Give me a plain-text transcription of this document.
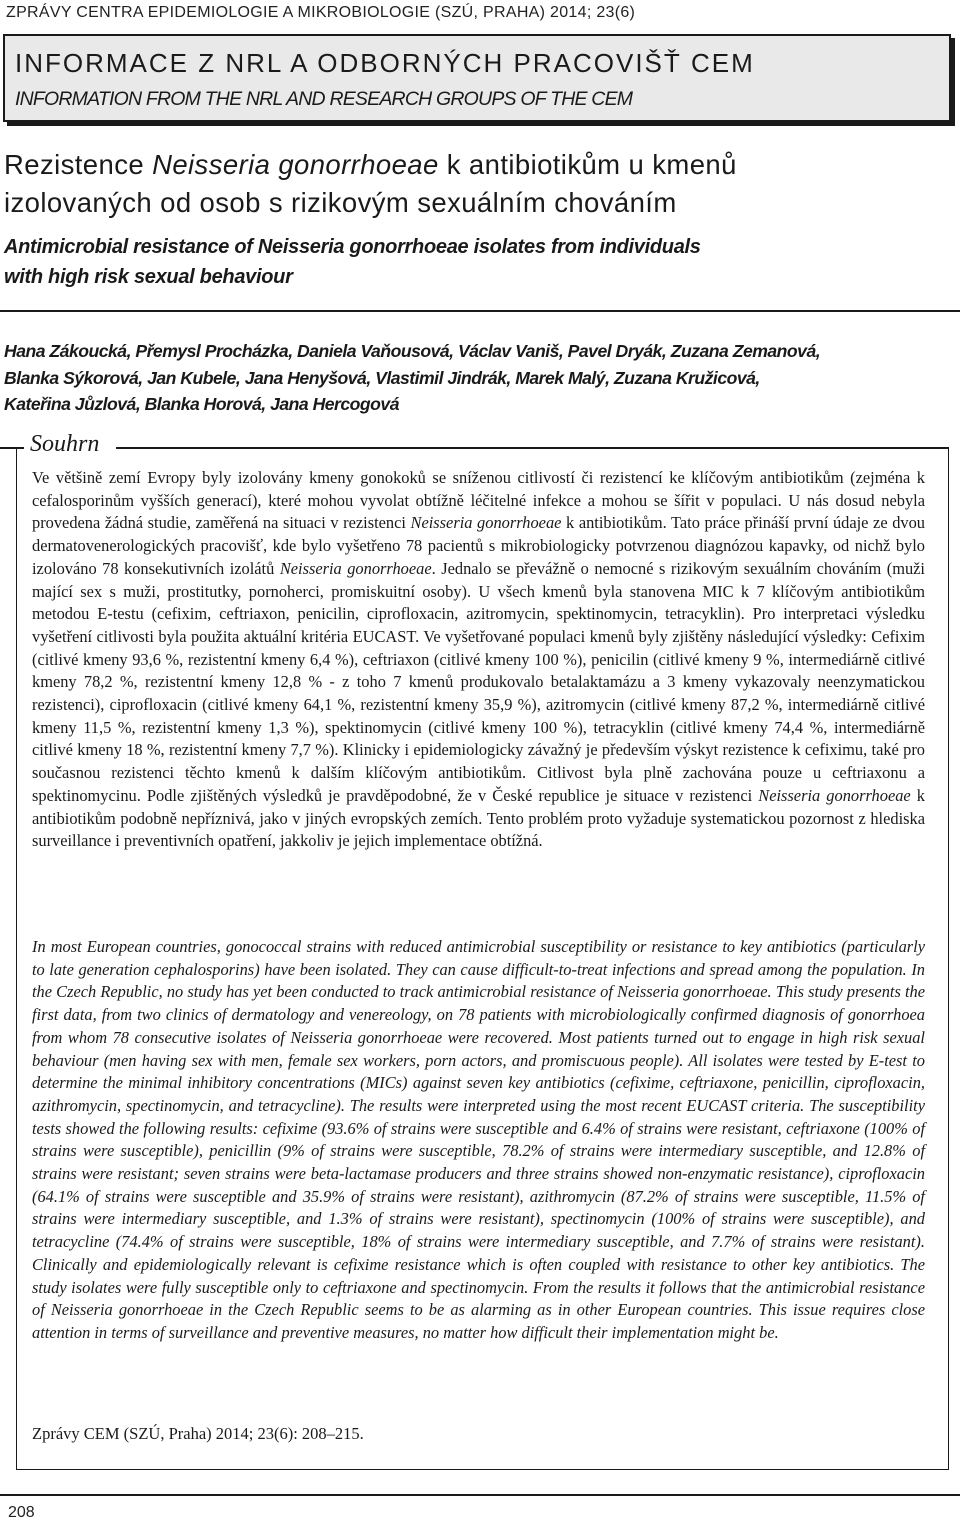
ZPRÁVY CENTRA EPIDEMIOLOGIE A MIKROBIOLOGIE (SZÚ, PRAHA) 2014; 23(6)
INFORMACE Z NRL A ODBORNÝCH PRACOVIŠŤ CEM
INFORMATION FROM THE NRL AND RESEARCH GROUPS OF THE CEM
Rezistence Neisseria gonorrhoeae k antibiotikům u kmenů
izolovaných od osob s rizikovým sexuálním chováním
Antimicrobial resistance of Neisseria gonorrhoeae isolates from individuals
with high risk sexual behaviour
Hana Zákoucká, Přemysl Procházka, Daniela Vaňousová, Václav Vaniš, Pavel Dryák, Zuzana Zemanová,
Blanka Sýkorová, Jan Kubele, Jana Henyšová, Vlastimil Jindrák, Marek Malý, Zuzana Kružicová,
Kateřina Jůzlová, Blanka Horová, Jana Hercogová
Souhrn

Ve většině zemí Evropy byly izolovány kmeny gonokoků se sníženou citlivostí či rezistencí ke klíčovým antibiotikům (zejména k cefalosporinům vyšších generací), které mohou vyvolat obtížně léčitelné infekce a mohou se šířit v populaci. U nás dosud nebyla provedena žádná studie, zaměřená na situaci v rezistenci Neisseria gonorrhoeae k antibiotikům. Tato práce přináší první údaje ze dvou dermatovenerologických pracovišť, kde bylo vyšetřeno 78 pacientů s mikrobiologicky potvrzenou diagnózou kapavky, od nichž bylo izolováno 78 konsekutivních izolátů Neisseria gonorrhoeae. Jednalo se převážně o nemocné s rizikovým sexuálním chováním (muži mající sex s muži, prostitutky, pornoherci, promiskuitní osoby). U všech kmenů byla stanovena MIC k 7 klíčovým antibiotikům metodou E-testu (cefixim, ceftriaxon, penicilin, ciprofloxacin, azitromycin, spektinomycin, tetracyklin). Pro interpretaci výsledku vyšetření citlivosti byla použita aktuální kritéria EUCAST. Ve vyšetřované populaci kmenů byly zjištěny následující výsledky: Cefixim (citlivé kmeny 93,6 %, rezistentní kmeny 6,4 %), ceftriaxon (citlivé kmeny 100 %), penicilin (citlivé kmeny 9 %, intermediárně citlivé kmeny 78,2 %, rezistentní kmeny 12,8 % - z toho 7 kmenů produkovalo betalaktamázu a 3 kmeny vykazovaly neenzymatickou rezistenci), ciprofloxacin (citlivé kmeny 64,1 %, rezistentní kmeny 35,9 %), azitromycin (citlivé kmeny 87,2 %, intermediárně citlivé kmeny 11,5 %, rezistentní kmeny 1,3 %), spektinomycin (citlivé kmeny 100 %), tetracyklin (citlivé kmeny 74,4 %, intermediárně citlivé kmeny 18 %, rezistentní kmeny 7,7 %). Klinicky i epidemiologicky závažný je především výskyt rezistence k cefiximu, také pro současnou rezistenci těchto kmenů k dalším klíčovým antibiotikům. Citlivost byla plně zachována pouze u ceftriaxonu a spektinomycinu. Podle zjištěných výsledků je pravděpodobné, že v České republice je situace v rezistenci Neisseria gonorrhoeae k antibiotikům podobně nepříznivá, jako v jiných evropských zemích. Tento problém proto vyžaduje systematickou pozornost z hlediska surveillance i preventivních opatření, jakkoliv je jejich implementace obtížná.

In most European countries, gonococcal strains with reduced antimicrobial susceptibility or resistance to key antibiotics (particularly to late generation cephalosporins) have been isolated. They can cause difficult-to-treat infections and spread among the population. In the Czech Republic, no study has yet been conducted to track antimicrobial resistance of Neisseria gonorrhoeae. This study presents the first data, from two clinics of dermatology and venereology, on 78 patients with microbiologically confirmed diagnosis of gonorrhoea from whom 78 consecutive isolates of Neisseria gonorrhoeae were recovered. Most patients turned out to engage in high risk sexual behaviour (men having sex with men, female sex workers, porn actors, and promiscuous people). All isolates were tested by E-test to determine the minimal inhibitory concentrations (MICs) against seven key antibiotics (cefixime, ceftriaxone, penicillin, ciprofloxacin, azithromycin, spectinomycin, and tetracycline). The results were interpreted using the most recent EUCAST criteria. The susceptibility tests showed the following results: cefixime (93.6% of strains were susceptible and 6.4% of strains were resistant, ceftriaxone (100% of strains were susceptible), penicillin (9% of strains were susceptible, 78.2% of strains were intermediary susceptible, and 12.8% of strains were resistant; seven strains were beta-lactamase producers and three strains showed non-enzymatic resistance), ciprofloxacin (64.1% of strains were susceptible and 35.9% of strains were resistant), azithromycin (87.2% of strains were susceptible, 11.5% of strains were intermediary susceptible, and 1.3% of strains were resistant), spectinomycin (100% of strains were susceptible), and tetracycline (74.4% of strains were susceptible, 18% of strains were intermediary susceptible, and 7.7% of strains were resistant). Clinically and epidemiologically relevant is cefixime resistance which is often coupled with resistance to other key antibiotics. The study isolates were fully susceptible only to ceftriaxone and spectinomycin. From the results it follows that the antimicrobial resistance of Neisseria gonorrhoeae in the Czech Republic seems to be as alarming as in other European countries. This issue requires close attention in terms of surveillance and preventive measures, no matter how difficult their implementation might be.

Zprávy CEM (SZÚ, Praha) 2014; 23(6): 208–215.
208
